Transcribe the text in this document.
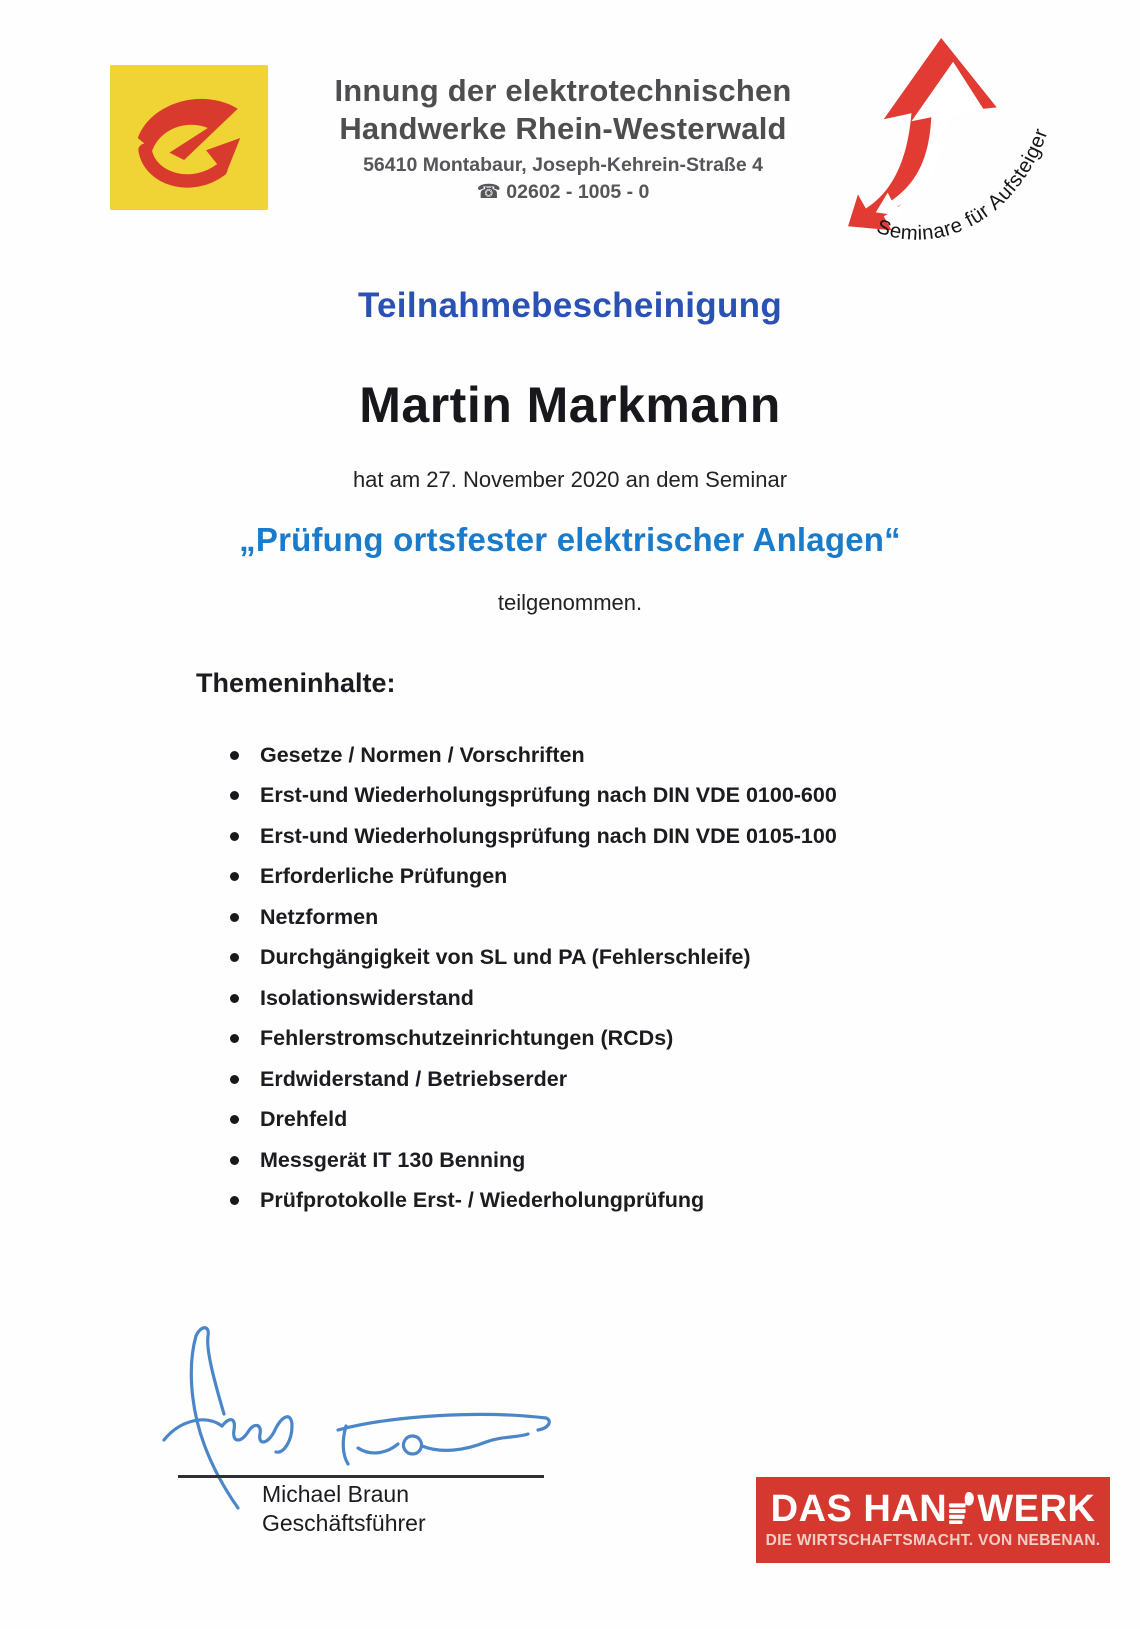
Innung der elektrotechnischen
Handwerke Rhein-Westerwald
56410 Montabaur, Joseph-Kehrein-Straße 4
☎ 02602 - 1005 - 0
Seminare für Aufsteiger
Teilnahmebescheinigung
Martin Markmann

hat am 27. November 2020 an dem Seminar

„Prüfung ortsfester elektrischer Anlagen“

teilgenommen.

Themeninhalte:
Gesetze / Normen / Vorschriften
Erst-und Wiederholungsprüfung nach DIN VDE 0100-600
Erst-und Wiederholungsprüfung nach DIN VDE 0105-100
Erforderliche Prüfungen
Netzformen
Durchgängigkeit von SL und PA (Fehlerschleife)
Isolationswiderstand
Fehlerstromschutzeinrichtungen (RCDs)
Erdwiderstand / Betriebserder
Drehfeld
Messgerät IT 130 Benning
Prüfprotokolle Erst- / Wiederholungprüfung
Michael Braun
Geschäftsführer	DAS HAN WERK
DIE WIRTSCHAFTSMACHT. VON NEBENAN.
